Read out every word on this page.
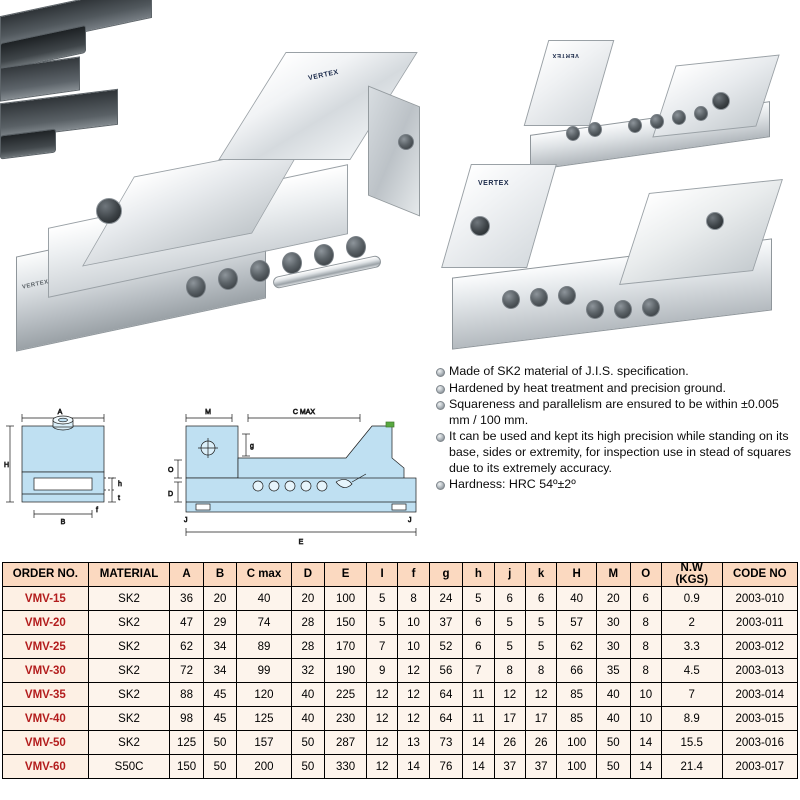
VERTEX
VERTEX
VERTEX
VERTEX
A
H
B
h
t
f
C MAX
M
g
O
D
E
J	J
Made of SK2 material of J.I.S. specification.
Hardened by heat treatment and precision ground.
Squareness and parallelism are ensured to be within ±0.005 mm / 100 mm.
It can be used and kept its high precision while standing on its base, sides or extremity, for inspection use in stead of squares due to its extremely accuracy.
Hardness: HRC 54º±2º
ORDER NO.	MATERIAL	A	B	C max	D	E	I	f	g	h	j	k	H	M	O	N.W
(KGS)	CODE NO
VMV-15	SK2	36	20	40	20	100	5	8	24	5	6	6	40	20	6	0.9	2003-010
VMV-20	SK2	47	29	74	28	150	5	10	37	6	5	5	57	30	8	2	2003-011
VMV-25	SK2	62	34	89	28	170	7	10	52	6	5	5	62	30	8	3.3	2003-012
VMV-30	SK2	72	34	99	32	190	9	12	56	7	8	8	66	35	8	4.5	2003-013
VMV-35	SK2	88	45	120	40	225	12	12	64	11	12	12	85	40	10	7	2003-014
VMV-40	SK2	98	45	125	40	230	12	12	64	11	17	17	85	40	10	8.9	2003-015
VMV-50	SK2	125	50	157	50	287	12	13	73	14	26	26	100	50	14	15.5	2003-016
VMV-60	S50C	150	50	200	50	330	12	14	76	14	37	37	100	50	14	21.4	2003-017
